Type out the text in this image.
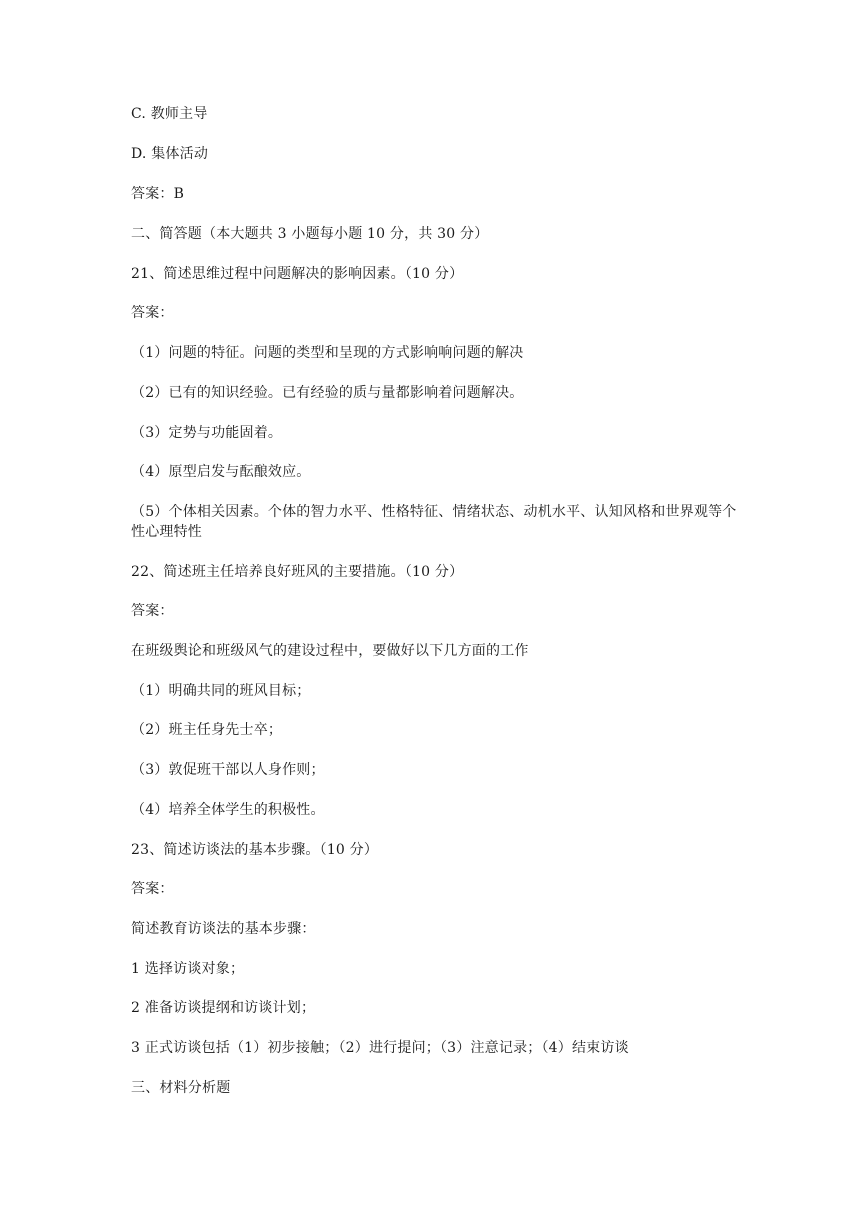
C. 教师主导
D. 集体活动
答案：B
二、简答题（本大题共 3 小题每小题 10 分，共 30 分）
21、简述思维过程中问题解决的影响因素。（10 分）
答案：
（1）问题的特征。问题的类型和呈现的方式影响响问题的解决
（2）已有的知识经验。已有经验的质与量都影响着问题解决。
（3）定势与功能固着。
（4）原型启发与酝酿效应。
（5）个体相关因素。个体的智力水平、性格特征、情绪状态、动机水平、认知风格和世界观等个性心理特性
22、简述班主任培养良好班风的主要措施。（10 分）
答案：
在班级舆论和班级风气的建设过程中，要做好以下几方面的工作
（1）明确共同的班风目标；
（2）班主任身先士卒；
（3）敦促班干部以人身作则；
（4）培养全体学生的积极性。
23、简述访谈法的基本步骤。（10 分）
答案：
简述教育访谈法的基本步骤：
1 选择访谈对象；
2 准备访谈提纲和访谈计划；
3 正式访谈包括（1）初步接触；（2）进行提问；（3）注意记录；（4）结束访谈
三、材料分析题
